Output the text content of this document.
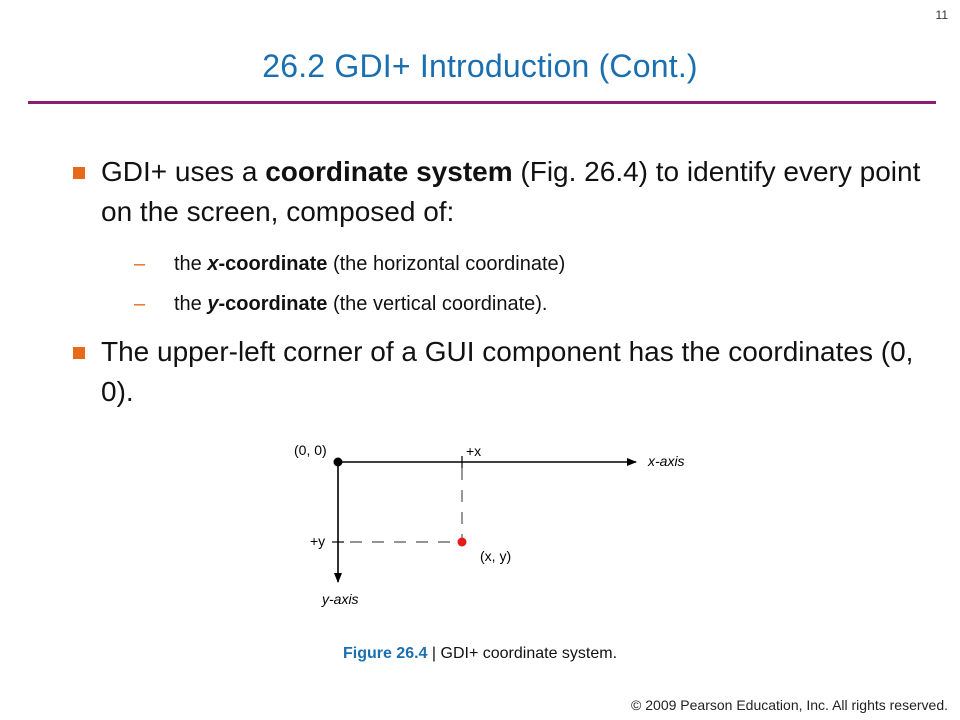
11
26.2 GDI+ Introduction (Cont.)
GDI+ uses a coordinate system (Fig. 26.4) to identify every point on the screen, composed of:
– the x-coordinate (the horizontal coordinate)
– the y-coordinate (the vertical coordinate).
The upper-left corner of a GUI component has the coordinates (0, 0).
(0, 0)	+x
x-axis
+y
(x, y)
y-axis
Figure 26.4 | GDI+ coordinate system.
© 2009 Pearson Education, Inc. All rights reserved.
